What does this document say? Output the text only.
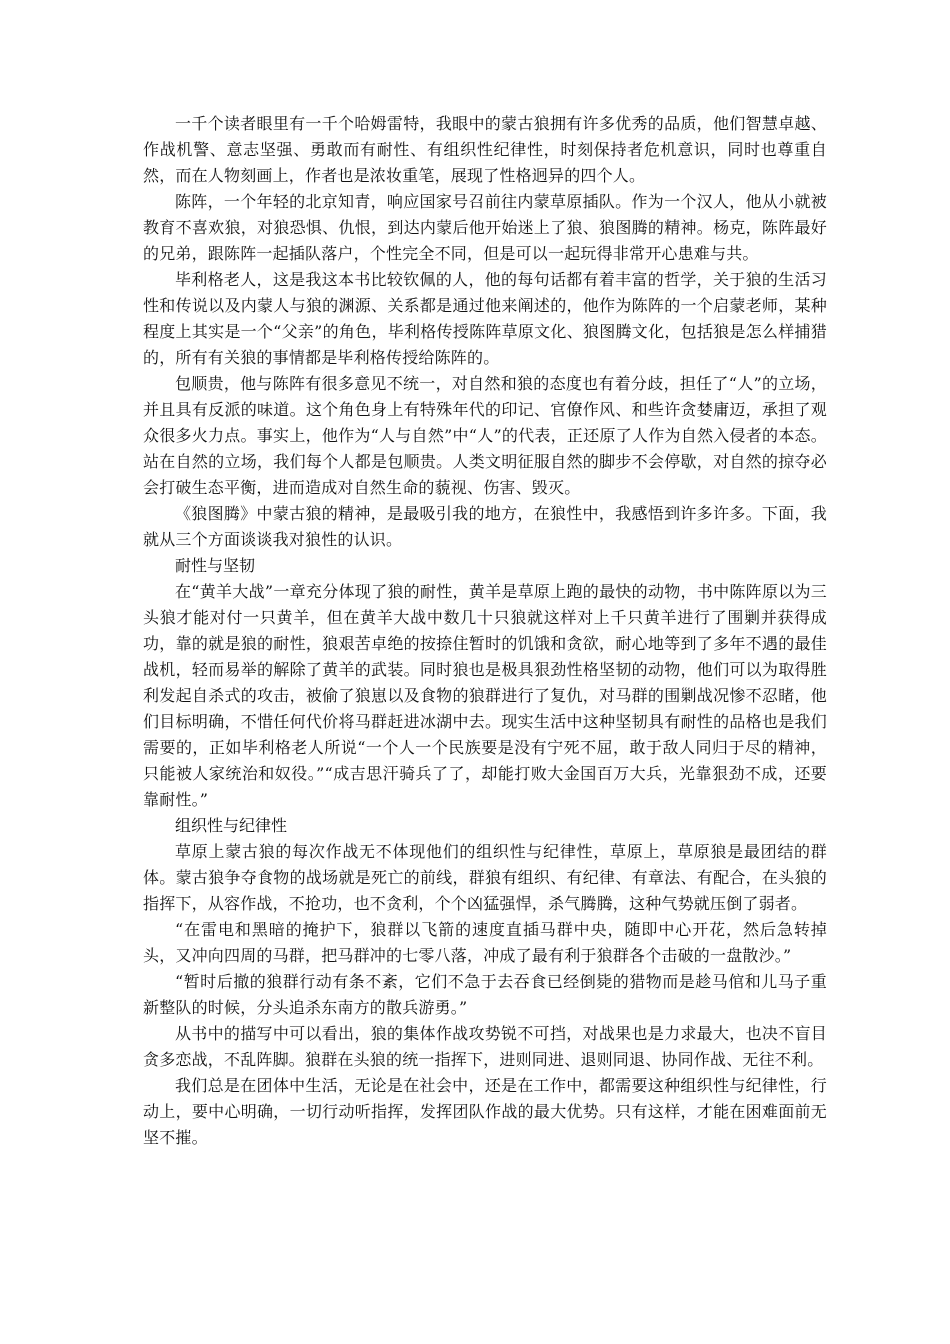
一千个读者眼里有一千个哈姆雷特，我眼中的蒙古狼拥有许多优秀的品质，他们智慧卓越、作战机警、意志坚强、勇敢而有耐性、有组织性纪律性，时刻保持者危机意识，同时也尊重自然，而在人物刻画上，作者也是浓妆重笔，展现了性格迥异的四个人。

陈阵，一个年轻的北京知青，响应国家号召前往内蒙草原插队。作为一个汉人，他从小就被教育不喜欢狼，对狼恐惧、仇恨，到达内蒙后他开始迷上了狼、狼图腾的精神。杨克，陈阵最好的兄弟，跟陈阵一起插队落户，个性完全不同，但是可以一起玩得非常开心患难与共。

毕利格老人，这是我这本书比较钦佩的人，他的每句话都有着丰富的哲学，关于狼的生活习性和传说以及内蒙人与狼的渊源、关系都是通过他来阐述的，他作为陈阵的一个启蒙老师，某种程度上其实是一个“父亲”的角色，毕利格传授陈阵草原文化、狼图腾文化，包括狼是怎么样捕猎的，所有有关狼的事情都是毕利格传授给陈阵的。

包顺贵，他与陈阵有很多意见不统一，对自然和狼的态度也有着分歧，担任了“人”的立场，并且具有反派的味道。这个角色身上有特殊年代的印记、官僚作风、和些许贪婪庸迈，承担了观众很多火力点。事实上，他作为“人与自然”中“人”的代表，正还原了人作为自然入侵者的本态。站在自然的立场，我们每个人都是包顺贵。人类文明征服自然的脚步不会停歇，对自然的掠夺必会打破生态平衡，进而造成对自然生命的藐视、伤害、毁灭。

《狼图腾》中蒙古狼的精神，是最吸引我的地方，在狼性中，我感悟到许多许多。下面，我就从三个方面谈谈我对狼性的认识。

耐性与坚韧

在“黄羊大战”一章充分体现了狼的耐性，黄羊是草原上跑的最快的动物，书中陈阵原以为三头狼才能对付一只黄羊，但在黄羊大战中数几十只狼就这样对上千只黄羊进行了围剿并获得成功，靠的就是狼的耐性，狼艰苦卓绝的按捺住暂时的饥饿和贪欲，耐心地等到了多年不遇的最佳战机，轻而易举的解除了黄羊的武装。同时狼也是极具狠劲性格坚韧的动物，他们可以为取得胜利发起自杀式的攻击，被偷了狼崽以及食物的狼群进行了复仇，对马群的围剿战况惨不忍睹，他们目标明确，不惜任何代价将马群赶进冰湖中去。现实生活中这种坚韧具有耐性的品格也是我们需要的，正如毕利格老人所说“一个人一个民族要是没有宁死不屈，敢于敌人同归于尽的精神，只能被人家统治和奴役。”“成吉思汗骑兵了了，却能打败大金国百万大兵，光靠狠劲不成，还要靠耐性。”

组织性与纪律性

草原上蒙古狼的每次作战无不体现他们的组织性与纪律性，草原上，草原狼是最团结的群体。蒙古狼争夺食物的战场就是死亡的前线，群狼有组织、有纪律、有章法、有配合，在头狼的指挥下，从容作战，不抢功，也不贪利，个个凶猛强悍，杀气腾腾，这种气势就压倒了弱者。

“在雷电和黑暗的掩护下，狼群以飞箭的速度直插马群中央，随即中心开花，然后急转掉头，又冲向四周的马群，把马群冲的七零八落，冲成了最有利于狼群各个击破的一盘散沙。”

“暂时后撤的狼群行动有条不紊，它们不急于去吞食已经倒毙的猎物而是趁马倌和儿马子重新整队的时候，分头追杀东南方的散兵游勇。”

从书中的描写中可以看出，狼的集体作战攻势锐不可挡，对战果也是力求最大，也决不盲目贪多恋战，不乱阵脚。狼群在头狼的统一指挥下，进则同进、退则同退、协同作战、无往不利。

我们总是在团体中生活，无论是在社会中，还是在工作中，都需要这种组织性与纪律性，行动上，要中心明确，一切行动听指挥，发挥团队作战的最大优势。只有这样，才能在困难面前无坚不摧。
